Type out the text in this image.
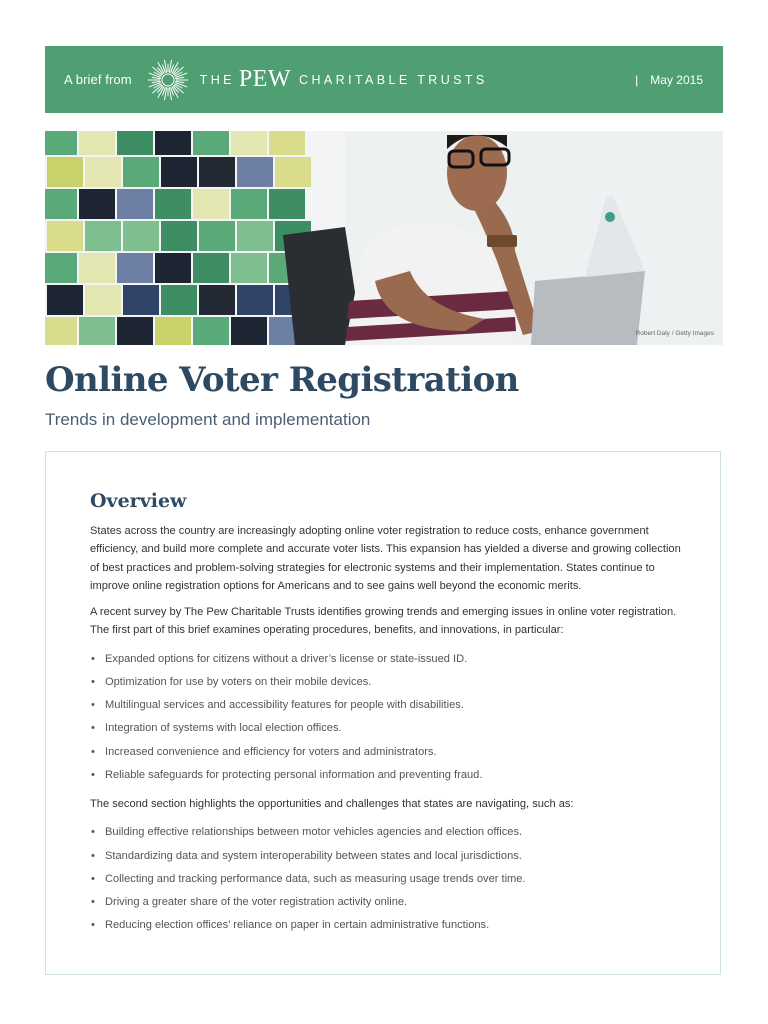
A brief from	THE PEW CHARITABLE TRUSTS	| May 2015
Robert Daly / Getty Images
Online Voter Registration
Trends in development and implementation
Overview

States across the country are increasingly adopting online voter registration to reduce costs, enhance government efficiency, and build more complete and accurate voter lists. This expansion has yielded a diverse and growing collection of best practices and problem-solving strategies for electronic systems and their implementation. States continue to improve online registration options for Americans and to see gains well beyond the economic merits.

A recent survey by The Pew Charitable Trusts identifies growing trends and emerging issues in online voter registration. The first part of this brief examines operating procedures, benefits, and innovations, in particular:

• Expanded options for citizens without a driver’s license or state-issued ID.
• Optimization for use by voters on their mobile devices.
• Multilingual services and accessibility features for people with disabilities.
• Integration of systems with local election offices.
• Increased convenience and efficiency for voters and administrators.
• Reliable safeguards for protecting personal information and preventing fraud.

The second section highlights the opportunities and challenges that states are navigating, such as:

• Building effective relationships between motor vehicles agencies and election offices.
• Standardizing data and system interoperability between states and local jurisdictions.
• Collecting and tracking performance data, such as measuring usage trends over time.
• Driving a greater share of the voter registration activity online.
• Reducing election offices’ reliance on paper in certain administrative functions.
